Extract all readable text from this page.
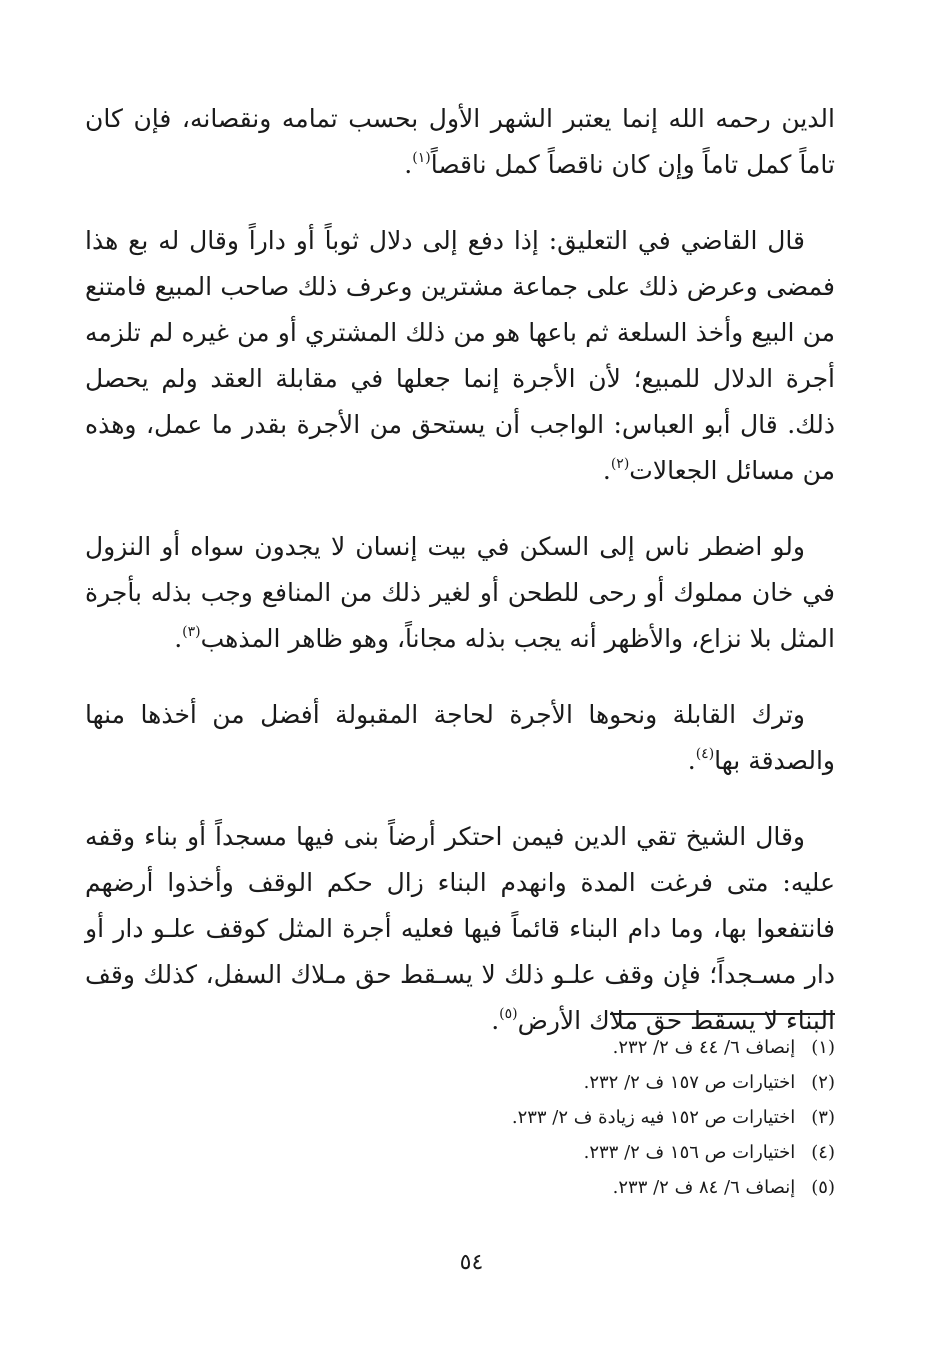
الدين رحمه الله إنما يعتبر الشهر الأول بحسب تمامه ونقصانه، فإن كان تاماً كمل تاماً وإن كان ناقصاً كمل ناقصاً$^{(١)}$.

قال القاضي في التعليق: إذا دفع إلى دلال ثوباً أو داراً وقال له بع هذا فمضى وعرض ذلك على جماعة مشترين وعرف ذلك صاحب المبيع فامتنع من البيع وأخذ السلعة ثم باعها هو من ذلك المشتري أو من غيره لم تلزمه أجرة الدلال للمبيع؛ لأن الأجرة إنما جعلها في مقابلة العقد ولم يحصل ذلك. قال أبو العباس: الواجب أن يستحق من الأجرة بقدر ما عمل، وهذه من مسائل الجعالات$^{(٢)}$.

ولو اضطر ناس إلى السكن في بيت إنسان لا يجدون سواه أو النزول في خان مملوك أو رحى للطحن أو لغير ذلك من المنافع وجب بذله بأجرة المثل بلا نزاع، والأظهر أنه يجب بذله مجاناً، وهو ظاهر المذهب$^{(٣)}$.

وترك القابلة ونحوها الأجرة لحاجة المقبولة أفضل من أخذها منها والصدقة بها$^{(٤)}$.

وقال الشيخ تقي الدين فيمن احتكر أرضاً بنى فيها مسجداً أو بناء وقفه عليه: متى فرغت المدة وانهدم البناء زال حكم الوقف وأخذوا أرضهم فانتفعوا بها، وما دام البناء قائماً فيها فعليه أجرة المثل كوقف علـو دار أو دار مسـجداً؛ فإن وقف علـو ذلك لا يسـقط حق مـلاك السفل، كذلك وقف البناء لا يسقط حق ملاك الأرض$^{(٥)}$.

(١) إنصاف ٦/ ٤٤ ف ٢/ ٢٣٢.
(٢) اختيارات ص ١٥٧ ف ٢/ ٢٣٢.
(٣) اختيارات ص ١٥٢ فيه زيادة ف ٢/ ٢٣٣.
(٤) اختيارات ص ١٥٦ ف ٢/ ٢٣٣.
(٥) إنصاف ٦/ ٨٤ ف ٢/ ٢٣٣.
٥٤
